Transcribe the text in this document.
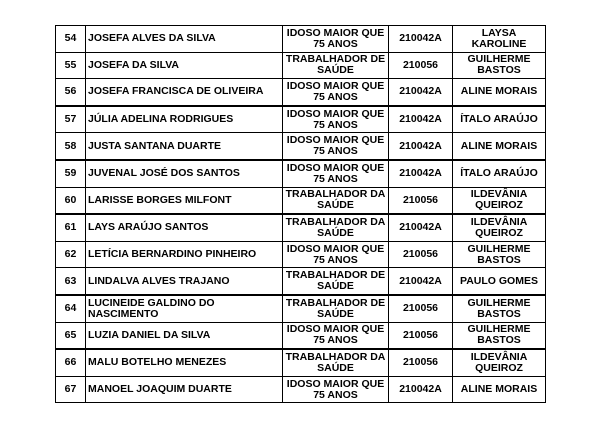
54	JOSEFA ALVES DA SILVA	IDOSO MAIOR QUE 75 ANOS	210042A	LAYSA KAROLINE
55	JOSEFA DA SILVA	TRABALHADOR DE SAÚDE	210056	GUILHERME BASTOS
56	JOSEFA FRANCISCA DE OLIVEIRA	IDOSO MAIOR QUE 75 ANOS	210042A	ALINE MORAIS
57	JÚLIA ADELINA RODRIGUES	IDOSO MAIOR QUE 75 ANOS	210042A	ÍTALO ARAÚJO
58	JUSTA SANTANA DUARTE	IDOSO MAIOR QUE 75 ANOS	210042A	ALINE MORAIS
59	JUVENAL JOSÉ DOS SANTOS	IDOSO MAIOR QUE 75 ANOS	210042A	ÍTALO ARAÚJO
60	LARISSE BORGES MILFONT	TRABALHADOR DA SAÚDE	210056	ILDEVÂNIA QUEIROZ
61	LAYS ARAÚJO SANTOS	TRABALHADOR DA SAÚDE	210042A	ILDEVÂNIA QUEIROZ
62	LETÍCIA BERNARDINO PINHEIRO	IDOSO MAIOR QUE 75 ANOS	210056	GUILHERME BASTOS
63	LINDALVA ALVES TRAJANO	TRABALHADOR DE SAÚDE	210042A	PAULO GOMES
64	LUCINEIDE GALDINO DO NASCIMENTO	TRABALHADOR DE SAÚDE	210056	GUILHERME BASTOS
65	LUZIA DANIEL DA SILVA	IDOSO MAIOR QUE 75 ANOS	210056	GUILHERME BASTOS
66	MALU BOTELHO MENEZES	TRABALHADOR DA SAÚDE	210056	ILDEVÂNIA QUEIROZ
67	MANOEL JOAQUIM DUARTE	IDOSO MAIOR QUE 75 ANOS	210042A	ALINE MORAIS
